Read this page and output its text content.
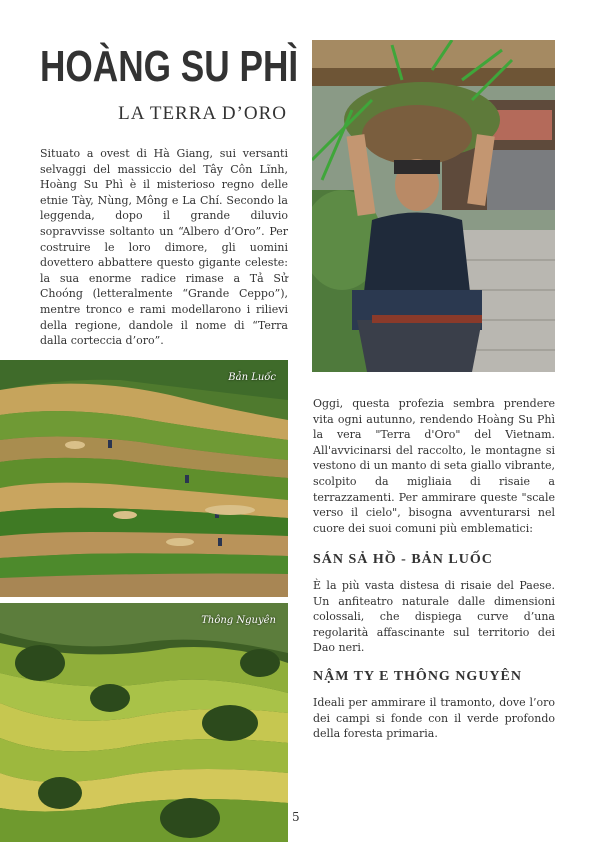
HOÀNG SU PHÌ
LA TERRA D’ORO

Situato a ovest di Hà Giang, sui versanti selvaggi del massiccio del Tây Côn Lĩnh, Hoàng Su Phì è il misterioso regno delle etnie Tày, Nùng, Mông e La Chí. Secondo la leggenda, dopo il grande diluvio sopravvisse soltanto un “Albero d’Oro”. Per costruire le loro dimore, gli uomini dovettero abbattere questo gigante celeste: la sua enorme radice rimase a Tả Sử Choóng (letteralmente “Grande Ceppo”), mentre tronco e rami modellarono i rilievi della regione, dandole il nome di “Terra dalla corteccia d’oro”.

Bản Luốc
Thông Nguyên

Oggi, questa profezia sembra prendere vita ogni autunno, rendendo Hoàng Su Phì la vera "Terra d'Oro" del Vietnam. All'avvicinarsi del raccolto, le montagne si vestono di un manto di seta giallo vibrante, scolpito da migliaia di risaie a terrazzamenti. Per ammirare queste "scale verso il cielo", bisogna avventurarsi nel cuore dei suoi comuni più emblematici:

SÁN SẢ HỒ - BẢN LUỐC

È la più vasta distesa di risaie del Paese. Un anfiteatro naturale dalle dimensioni colossali, che dispiega curve d’una regolarità affascinante sul territorio dei Dao neri.

NẬM TY E THÔNG NGUYÊN

Ideali per ammirare il tramonto, dove l’oro dei campi si fonde con il verde profondo della foresta primaria.

5
